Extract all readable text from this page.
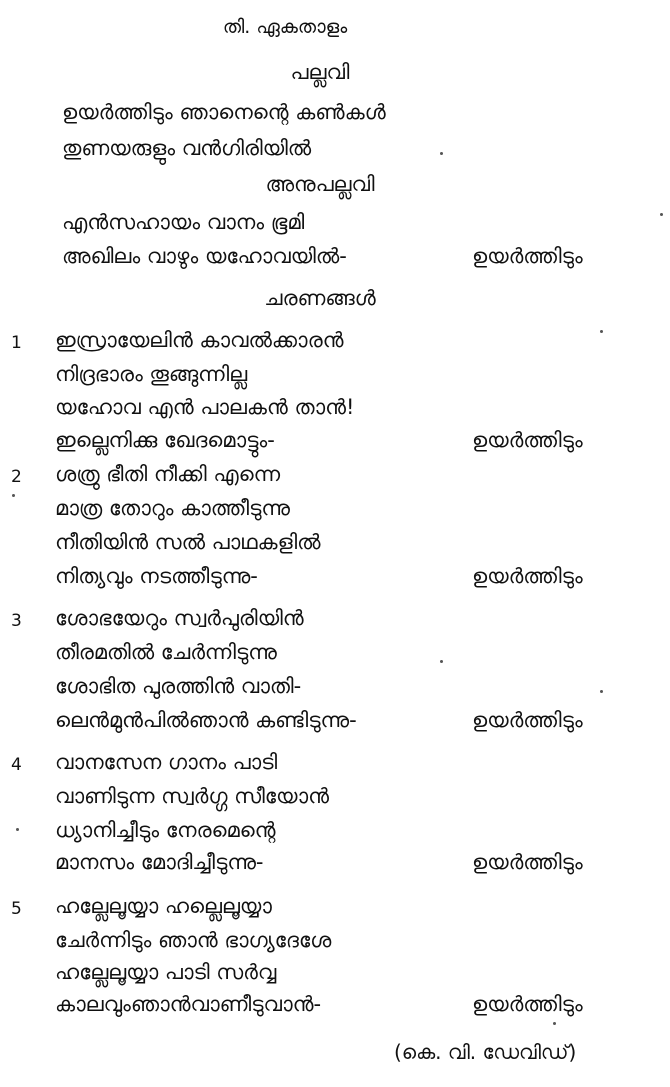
തി. ഏകതാളം
പല്ലവി
ഉയർത്തിടും ഞാനെന്റെ കൺകൾ
തുണയരുളും വൻഗിരിയിൽ
അനുപല്ലവി
എൻസഹായം വാനം ഭൂമി
അഖിലം വാഴും യഹോവയിൽ-	ഉയർത്തിടും
ചരണങ്ങൾ
1 ഇസ്രായേലിൻ കാവൽക്കാരൻ
നിദ്രഭാരം തൂങ്ങുന്നില്ല
യഹോവ എൻ പാലകൻ താൻ!
ഇല്ലെനിക്കു ഖേദമൊട്ടും-	ഉയർത്തിടും
2 ശത്രു ഭീതി നീക്കി എന്നെ
മാത്ര തോറും കാത്തീടുന്നു
നീതിയിൻ സൽ പാഥകളിൽ
നിത്യവും നടത്തീടുന്നു-	ഉയർത്തിടും
3 ശോഭയേറും സ്വർപുരിയിൻ
തീരമതിൽ ചേർന്നിടുന്നു
ശോഭിത പുരത്തിൻ വാതി-
ലെൻമുൻപിൽഞാൻ കണ്ടിടുന്നു-	ഉയർത്തിടും
4 വാനസേന ഗാനം പാടി
വാണിടുന്ന സ്വർഗ്ഗ സീയോൻ
ധ്യാനിച്ചീടും നേരമെന്റെ
മാനസം മോദിച്ചീടുന്നു-	ഉയർത്തിടും
5 ഹല്ലേലൂയ്യാ ഹല്ലെലൂയ്യാ
ചേർന്നിടും ഞാൻ ഭാഗ്യദേശേ
ഹല്ലേലൂയ്യാ പാടി സർവ്വ
കാലവുംഞാൻവാണീടുവാൻ-	ഉയർത്തിടും
(കെ. വി. ഡേവിഡ്)
